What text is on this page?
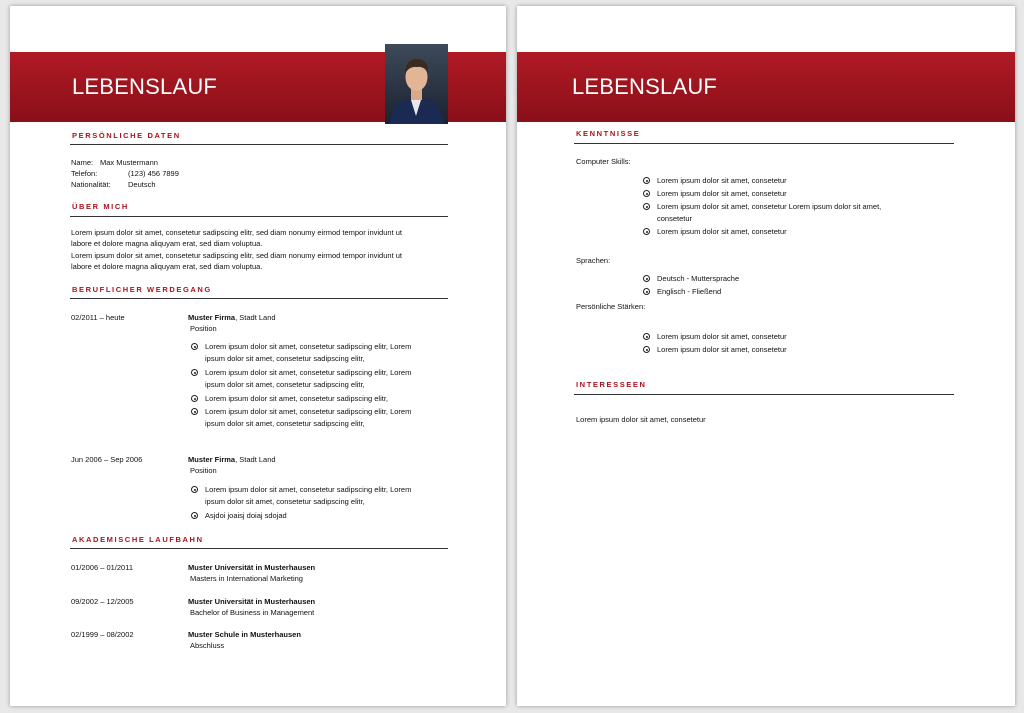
LEBENSLAUF
PERSÖNLICHE DATEN
Name: Max Mustermann
Telefon:	(123) 456 7899
Nationalität: Deutsch
ÜBER MICH
Lorem ipsum dolor sit amet, consetetur sadipscing elitr, sed diam nonumy eirmod tempor invidunt ut
labore et dolore magna aliquyam erat, sed diam voluptua.
Lorem ipsum dolor sit amet, consetetur sadipscing elitr, sed diam nonumy eirmod tempor invidunt ut
labore et dolore magna aliquyam erat, sed diam voluptua.
BERUFLICHER WERDEGANG
02/2011 – heute	Muster Firma, Stadt Land
Position
Lorem ipsum dolor sit amet, consetetur sadipscing elitr, Lorem
ipsum dolor sit amet, consetetur sadipscing elitr,
Lorem ipsum dolor sit amet, consetetur sadipscing elitr, Lorem
ipsum dolor sit amet, consetetur sadipscing elitr,
Lorem ipsum dolor sit amet, consetetur sadipscing elitr,
Lorem ipsum dolor sit amet, consetetur sadipscing elitr, Lorem
ipsum dolor sit amet, consetetur sadipscing elitr,
Jun 2006 – Sep 2006	Muster Firma, Stadt Land
Position
Lorem ipsum dolor sit amet, consetetur sadipscing elitr, Lorem
ipsum dolor sit amet, consetetur sadipscing elitr,
Asjdoi joaisj doiaj sdojad
AKADEMISCHE LAUFBAHN
01/2006 – 01/2011	Muster Universität in Musterhausen
Masters in International Marketing
09/2002 – 12/2005	Muster Universität in Musterhausen
Bachelor of Business in Management
02/1999 – 08/2002	Muster Schule in Musterhausen
Abschluss
LEBENSLAUF
KENNTNISSE
Computer Skills:
Lorem ipsum dolor sit amet, consetetur
Lorem ipsum dolor sit amet, consetetur
Lorem ipsum dolor sit amet, consetetur Lorem ipsum dolor sit amet,
consetetur
Lorem ipsum dolor sit amet, consetetur
Sprachen:
Deutsch - Muttersprache
Englisch - Fließend
Persönliche Stärken:
Lorem ipsum dolor sit amet, consetetur
Lorem ipsum dolor sit amet, consetetur
INTERESSEEN
Lorem ipsum dolor sit amet, consetetur
